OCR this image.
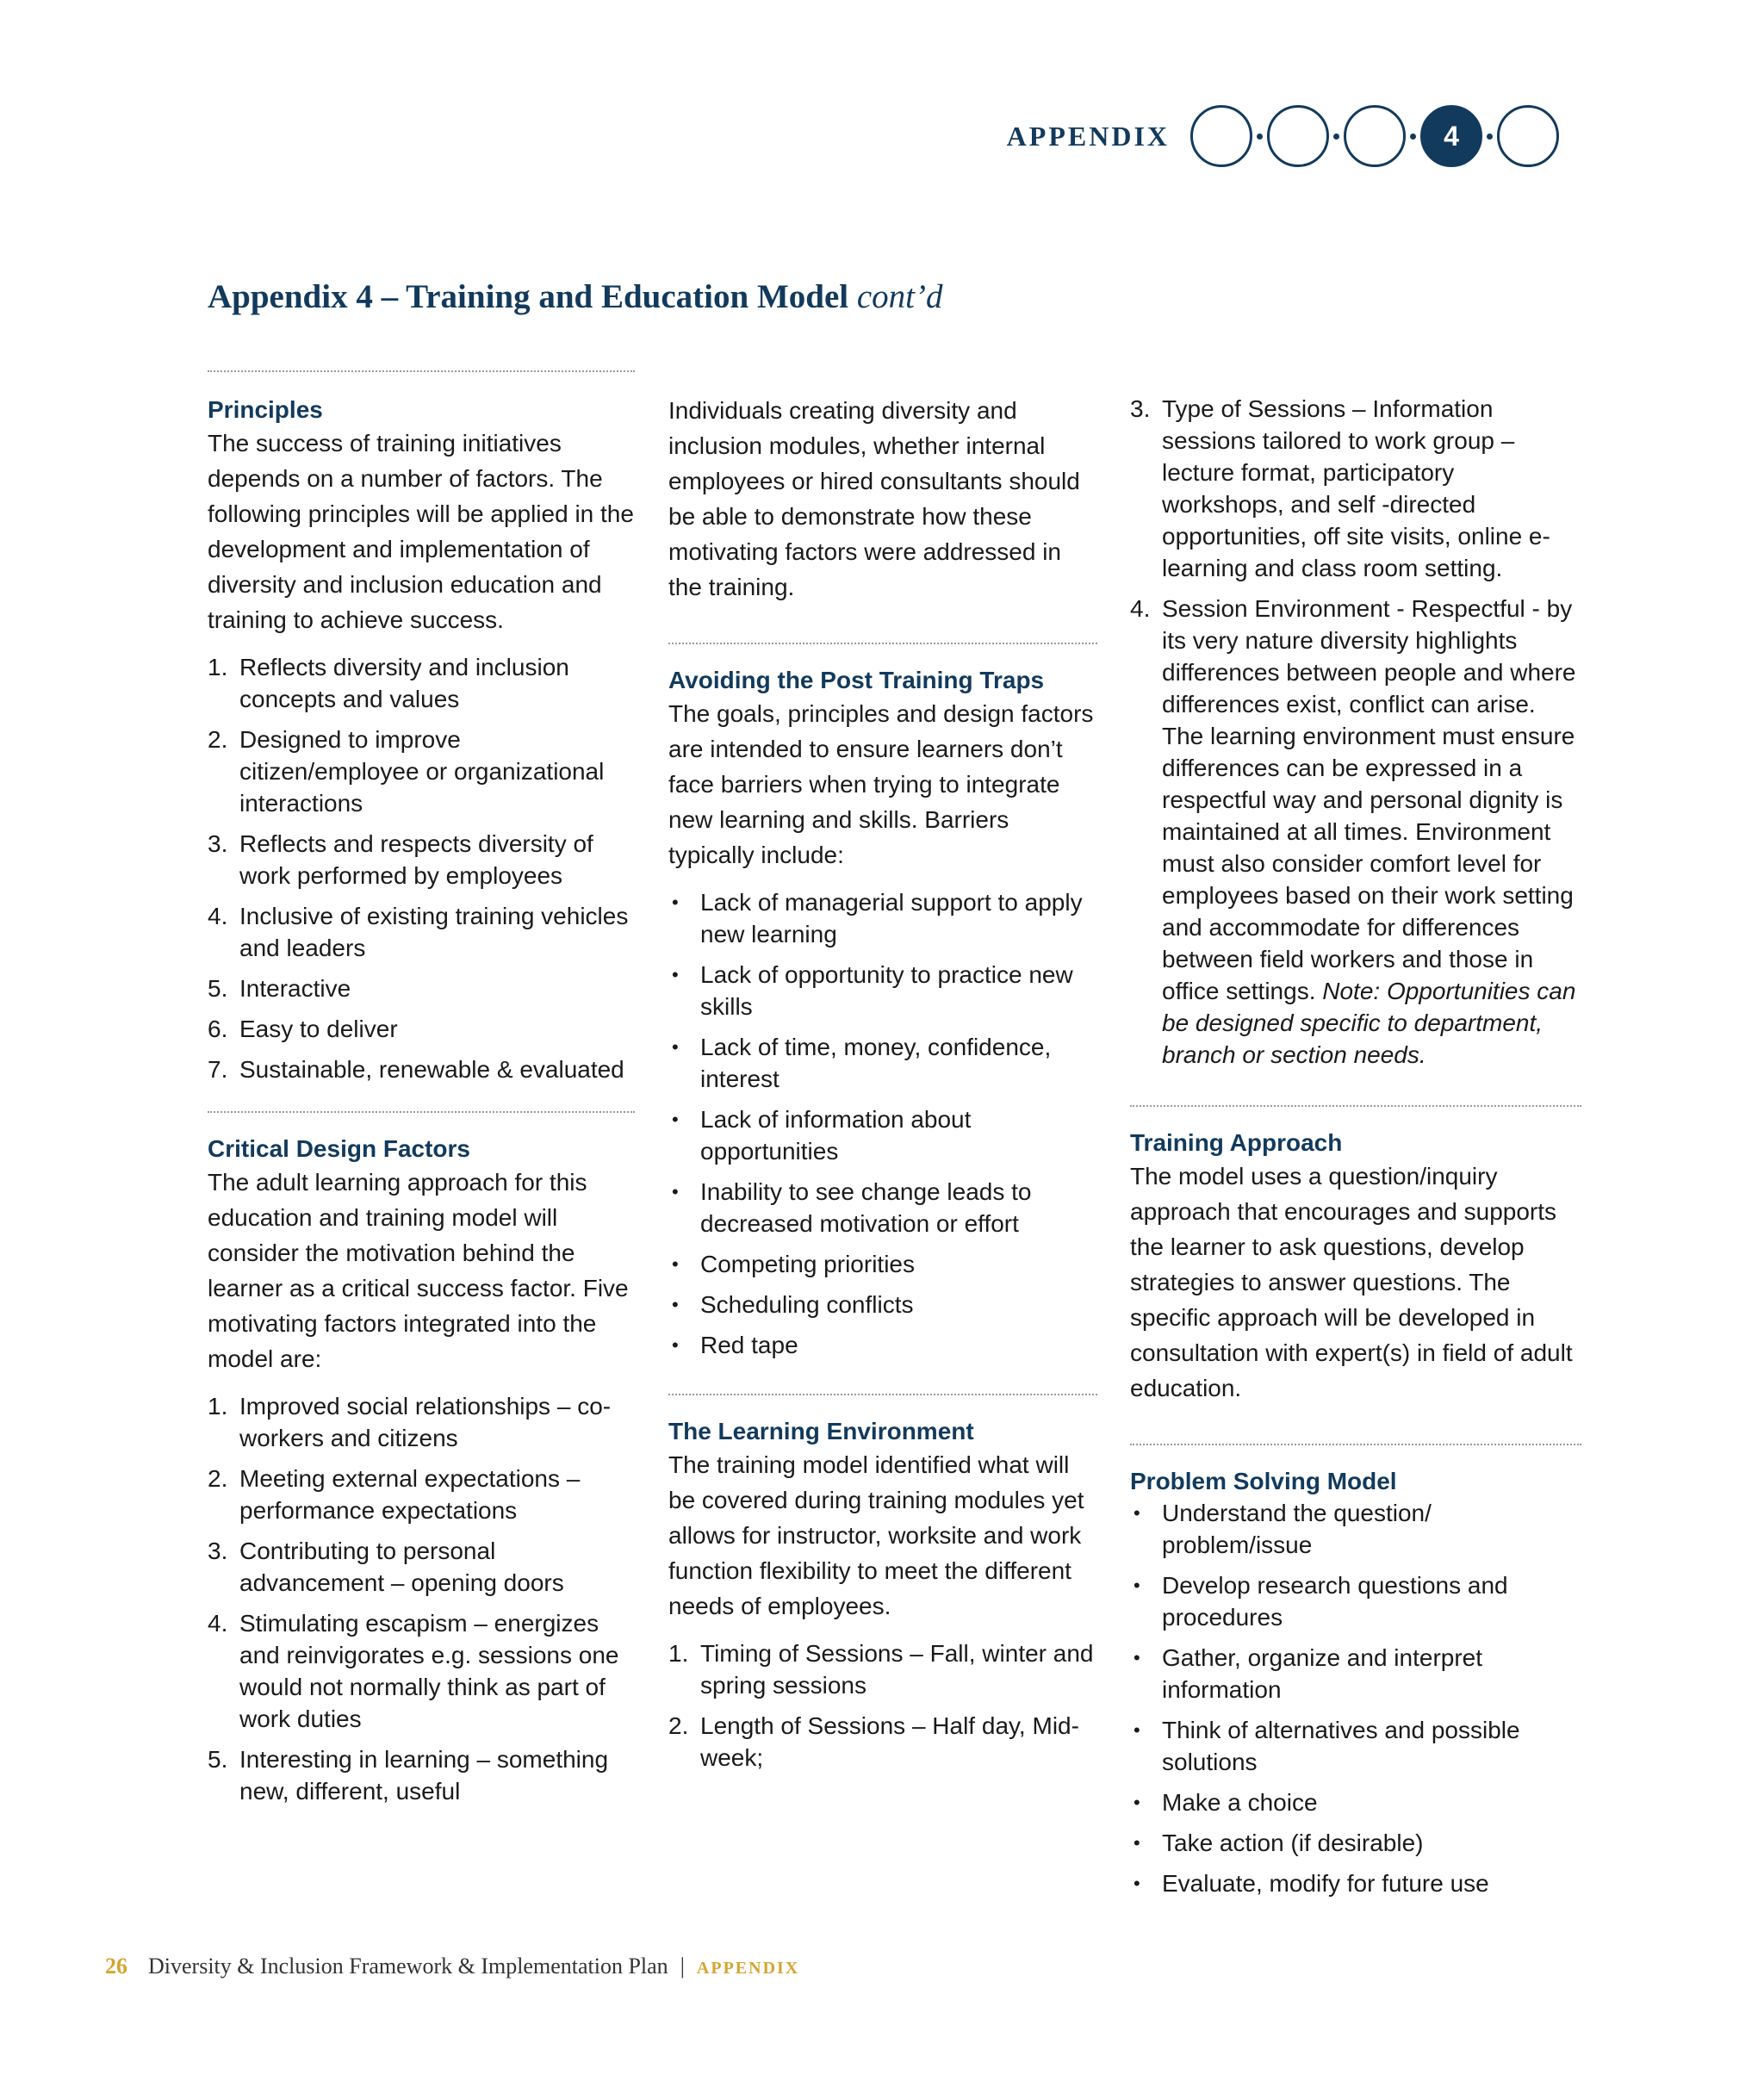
APPENDIX	4
Appendix 4 – Training and Education Model cont’d
Principles

The success of training initiatives depends on a number of factors. The following principles will be applied in the development and implementation of diversity and inclusion education and training to achieve success.

1. Reflects diversity and inclusion concepts and values
2. Designed to improve citizen/employee or organizational interactions
3. Reflects and respects diversity of work performed by employees
4. Inclusive of existing training vehicles and leaders
5. Interactive
6. Easy to deliver
7. Sustainable, renewable & evaluated
Critical Design Factors

The adult learning approach for this education and training model will consider the motivation behind the learner as a critical success factor. Five motivating factors integrated into the model are:

1. Improved social relationships – co-workers and citizens
2. Meeting external expectations – performance expectations
3. Contributing to personal advancement – opening doors
4. Stimulating escapism – energizes and reinvigorates e.g. sessions one would not normally think as part of work duties
5. Interesting in learning – something new, different, useful

Individuals creating diversity and inclusion modules, whether internal employees or hired consultants should be able to demonstrate how these motivating factors were addressed in the training.

Avoiding the Post Training Traps

The goals, principles and design factors are intended to ensure learners don’t face barriers when trying to integrate new learning and skills. Barriers typically include:

• Lack of managerial support to apply new learning
• Lack of opportunity to practice new skills
• Lack of time, money, confidence, interest
• Lack of information about opportunities
• Inability to see change leads to decreased motivation or effort
• Competing priorities
• Scheduling conflicts
• Red tape
The Learning Environment

The training model identified what will be covered during training modules yet allows for instructor, worksite and work function flexibility to meet the different needs of employees.

1. Timing of Sessions – Fall, winter and spring sessions
2. Length of Sessions – Half day, Mid-week;
3. Type of Sessions – Information sessions tailored to work group – lecture format, participatory workshops, and self -directed opportunities, off site visits, online e-learning and class room setting.
4. Session Environment - Respectful - by its very nature diversity highlights differences between people and where differences exist, conflict can arise. The learning environment must ensure differences can be expressed in a respectful way and personal dignity is maintained at all times. Environment must also consider comfort level for employees based on their work setting and accommodate for differences between field workers and those in office settings. Note: Opportunities can be designed specific to department, branch or section needs.
Training Approach

The model uses a question/inquiry approach that encourages and supports the learner to ask questions, develop strategies to answer questions. The specific approach will be developed in consultation with expert(s) in field of adult education.

Problem Solving Model
• Understand the question/ problem/issue
• Develop research questions and procedures
• Gather, organize and interpret information
• Think of alternatives and possible solutions
• Make a choice
• Take action (if desirable)
• Evaluate, modify for future use
26 Diversity & Inclusion Framework & Implementation Plan | APPENDIX
